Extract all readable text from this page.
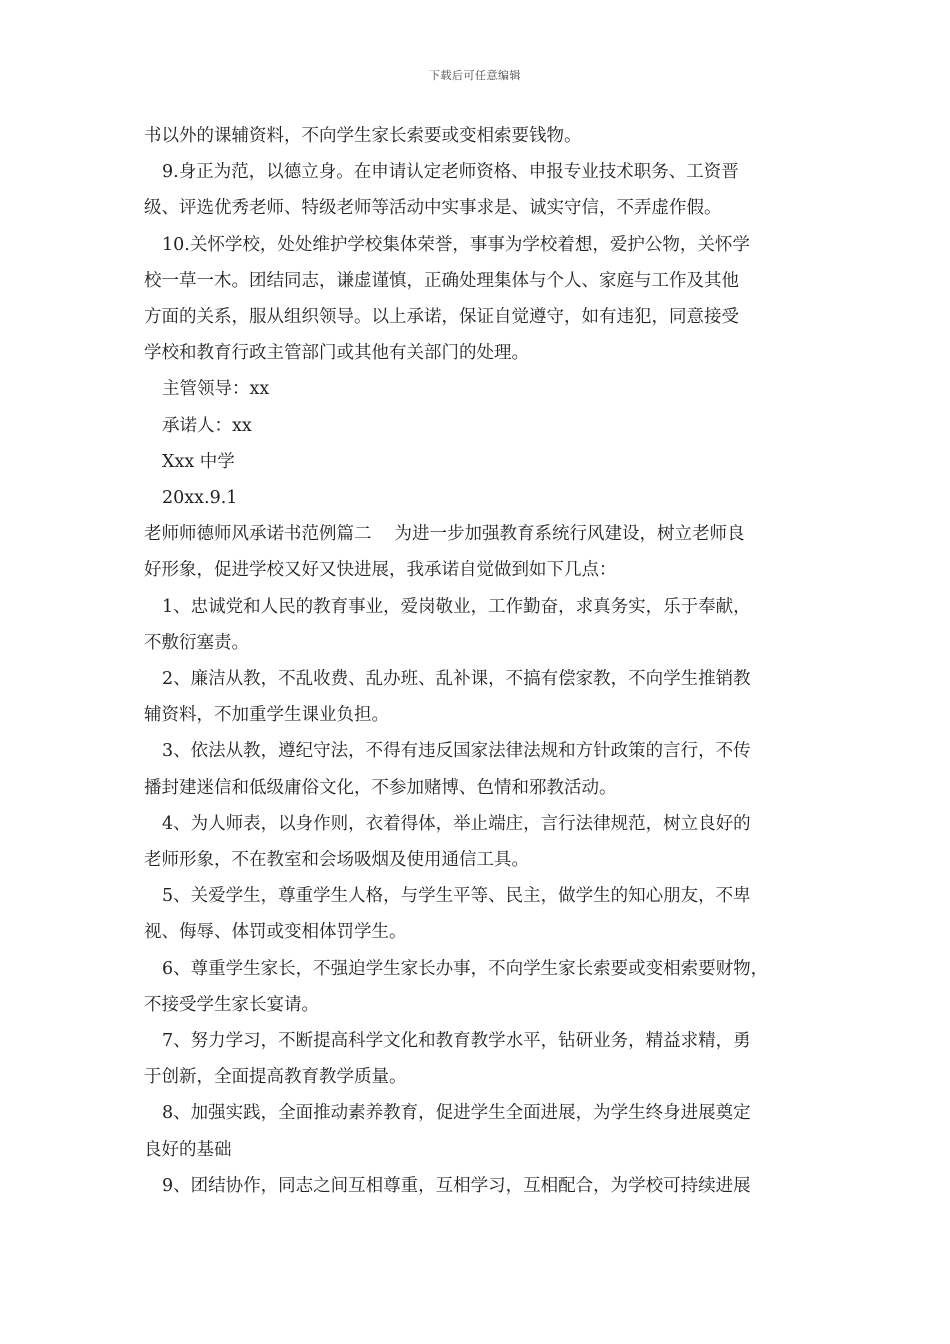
下载后可任意编辑

书以外的课辅资料，不向学生家长索要或变相索要钱物。

9.身正为范，以德立身。在申请认定老师资格、申报专业技术职务、工资晋

级、评选优秀老师、特级老师等活动中实事求是、诚实守信，不弄虚作假。

10.关怀学校，处处维护学校集体荣誉，事事为学校着想，爱护公物，关怀学

校一草一木。团结同志，谦虚谨慎，正确处理集体与个人、家庭与工作及其他

方面的关系，服从组织领导。以上承诺，保证自觉遵守，如有违犯，同意接受

学校和教育行政主管部门或其他有关部门的处理。

主管领导：xx

承诺人：xx

Xxx 中学

20xx.9.1

老师师德师风承诺书范例篇二　 为进一步加强教育系统行风建设，树立老师良

好形象，促进学校又好又快进展，我承诺自觉做到如下几点：

1、忠诚党和人民的教育事业，爱岗敬业，工作勤奋，求真务实，乐于奉献，

不敷衍塞责。

2、廉洁从教，不乱收费、乱办班、乱补课，不搞有偿家教，不向学生推销教

辅资料，不加重学生课业负担。

3、依法从教，遵纪守法，不得有违反国家法律法规和方针政策的言行，不传

播封建迷信和低级庸俗文化，不参加赌博、色情和邪教活动。

4、为人师表，以身作则，衣着得体，举止端庄，言行法律规范，树立良好的

老师形象，不在教室和会场吸烟及使用通信工具。

5、关爱学生，尊重学生人格，与学生平等、民主，做学生的知心朋友，不卑

视、侮辱、体罚或变相体罚学生。

6、尊重学生家长，不强迫学生家长办事，不向学生家长索要或变相索要财物，

不接受学生家长宴请。

7、努力学习，不断提高科学文化和教育教学水平，钻研业务，精益求精，勇

于创新，全面提高教育教学质量。

8、加强实践，全面推动素养教育，促进学生全面进展，为学生终身进展奠定

良好的基础

9、团结协作，同志之间互相尊重，互相学习，互相配合，为学校可持续进展
